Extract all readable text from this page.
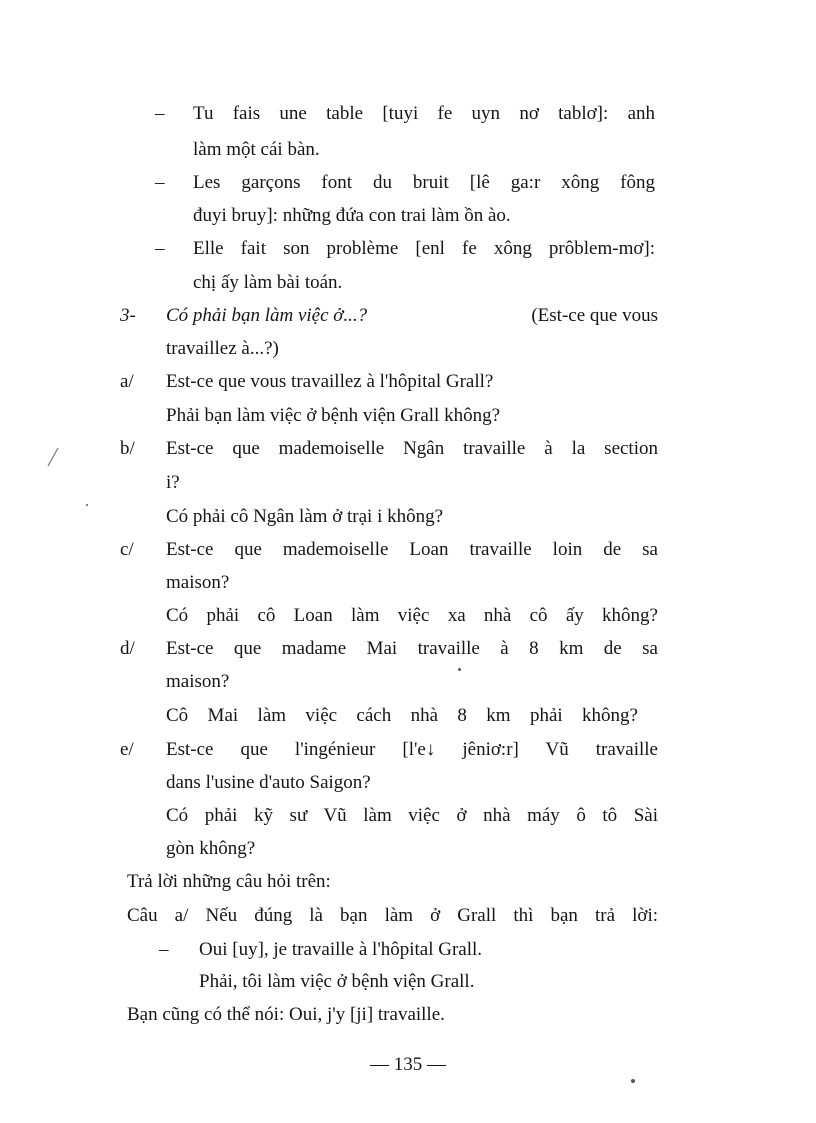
– Tu fais une table [tuyi fe uyn nơ tablơ]: anh
làm một cái bàn.
– Les garçons font du bruit [lê ga:r xông fông
đuyi bruy]: những đứa con trai làm ồn ào.
– Elle fait son problème [enl fe xông prôblem-mơ]:
chị ấy làm bài toán.
3- Có phải bạn làm việc ở...?	(Est-ce que vous
travaillez à...?)
a/ Est-ce que vous travaillez à l'hôpital Grall?
Phải bạn làm việc ở bệnh viện Grall không?
b/ Est-ce que mademoiselle Ngân travaille à la section
i?
Có phải cô Ngân làm ở trại i không?
c/ Est-ce que mademoiselle Loan travaille loin de sa
maison?
Có phải cô Loan làm việc xa nhà cô ấy không?
d/ Est-ce que madame Mai travaille à 8 km de sa
maison?
Cô Mai làm việc cách nhà 8 km phải không?
e/ Est-ce que l'ingénieur [l'e↓ jêniơ:r] Vũ travaille
dans l'usine d'auto Saigon?
Có phải kỹ sư Vũ làm việc ở nhà máy ô tô Sài
gòn không?
Trả lời những câu hỏi trên:
Câu a/ Nếu đúng là bạn làm ở Grall thì bạn trả lời:
– Oui [uy], je travaille à l'hôpital Grall.
Phải, tôi làm việc ở bệnh viện Grall.
Bạn cũng có thể nói: Oui, j'y [ji] travaille.
— 135 —
